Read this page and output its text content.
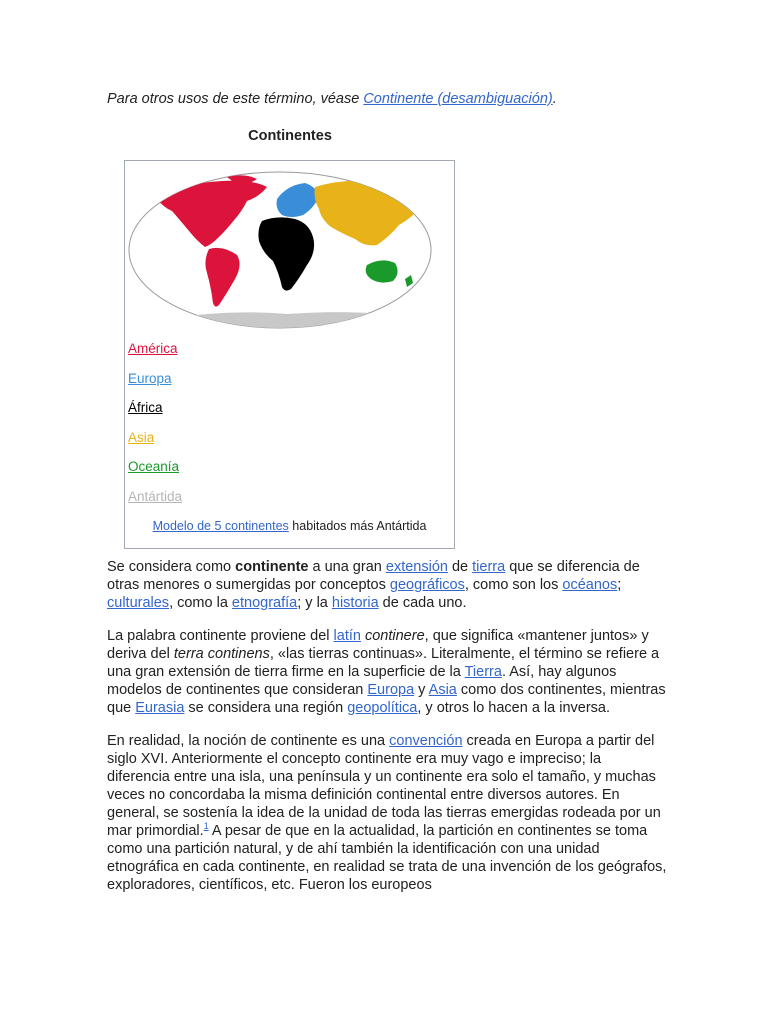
Para otros usos de este término, véase Continente (desambiguación).
Continentes
América
Europa
África
Asia
Oceanía
Antártida
Modelo de 5 continentes habitados más Antártida

Se considera como continente a una gran extensión de tierra que se diferencia de otras menores o sumergidas por conceptos geográficos, como son los océanos; culturales, como la etnografía; y la historia de cada uno.

La palabra continente proviene del latín continere, que significa «mantener juntos» y deriva del terra continens, «las tierras continuas». Literalmente, el término se refiere a una gran extensión de tierra firme en la superficie de la Tierra. Así, hay algunos modelos de continentes que consideran Europa y Asia como dos continentes, mientras que Eurasia se considera una región geopolítica, y otros lo hacen a la inversa.

En realidad, la noción de continente es una convención creada en Europa a partir del siglo XVI. Anteriormente el concepto continente era muy vago e impreciso; la diferencia entre una isla, una península y un continente era solo el tamaño, y muchas veces no concordaba la misma definición continental entre diversos autores. En general, se sostenía la idea de la unidad de toda las tierras emergidas rodeada por un mar primordial.$^1$ A pesar de que en la actualidad, la partición en continentes se toma como una partición natural, y de ahí también la identificación con una unidad etnográfica en cada continente, en realidad se trata de una invención de los geógrafos, exploradores, científicos, etc. Fueron los europeos
